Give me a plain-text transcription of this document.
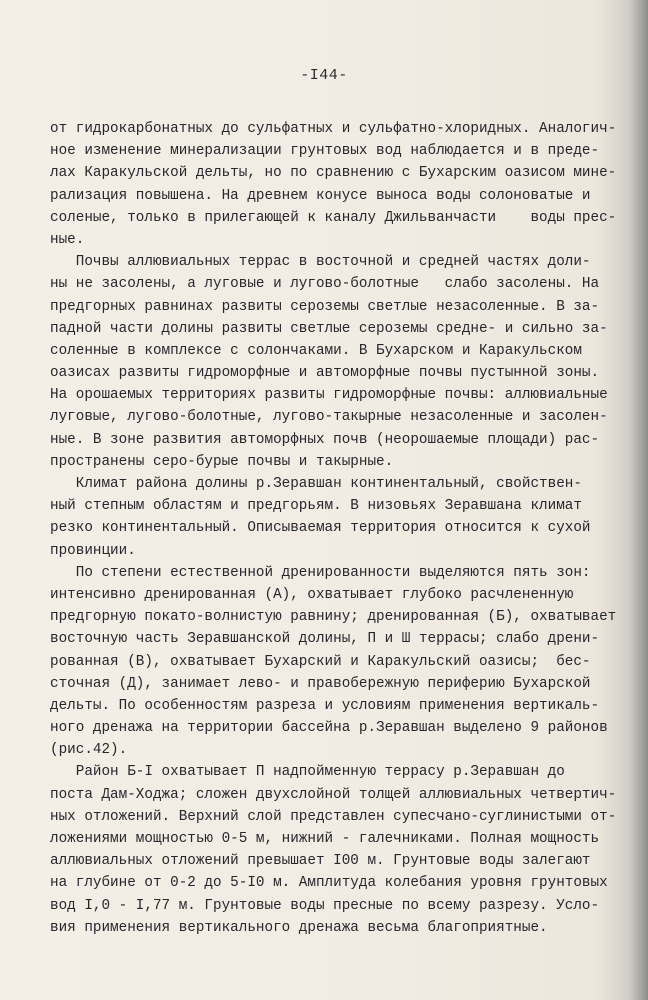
-I44-
от гидрокарбонатных до сульфатных и сульфатно-хлоридных. Аналогич-
ное изменение минерализации грунтовых вод наблюдается и в преде-
лах Каракульской дельты, но по сравнению с Бухарским оазисом мине-
рализация повышена. На древнем конусе выноса воды солоноватые и
соленые, только в прилегающей к каналу Джильванчасти    воды прес-
ные.
Почвы аллювиальных террас в восточной и средней частях доли-
ны не засолены, а луговые и лугово-болотные   слабо засолены. На
предгорных равнинах развиты сероземы светлые незасоленные. В за-
падной части долины развиты светлые сероземы средне- и сильно за-
соленные в комплексе с солончаками. В Бухарском и Каракульском
оазисах развиты гидроморфные и автоморфные почвы пустынной зоны.
На орошаемых территориях развиты гидроморфные почвы: аллювиальные
луговые, лугово-болотные, лугово-такырные незасоленные и засолен-
ные. В зоне развития автоморфных почв (неорошаемые площади) рас-
пространены серо-бурые почвы и такырные.
Климат района долины р.Зеравшан континентальный, свойствен-
ный степным областям и предгорьям. В низовьях Зеравшана климат
резко континентальный. Описываемая территория относится к сухой
провинции.
По степени естественной дренированности выделяются пять зон:
интенсивно дренированная (А), охватывает глубоко расчлененную
предгорную покато-волнистую равнину; дренированная (Б), охватывает
восточную часть Зеравшанской долины, П и Ш террасы; слабо дрени-
рованная (В), охватывает Бухарский и Каракульский оазисы;  бес-
сточная (Д), занимает лево- и правобережную периферию Бухарской
дельты. По особенностям разреза и условиям применения вертикаль-
ного дренажа на территории бассейна р.Зеравшан выделено 9 районов
(рис.42).
Район Б-I охватывает П надпойменную террасу р.Зеравшан до
поста Дам-Ходжа; сложен двухслойной толщей аллювиальных четвертич-
ных отложений. Верхний слой представлен супесчано-суглинистыми от-
ложениями мощностью 0-5 м, нижний - галечниками. Полная мощность
аллювиальных отложений превышает I00 м. Грунтовые воды залегают
на глубине от 0-2 до 5-I0 м. Амплитуда колебания уровня грунтовых
вод I,0 - I,77 м. Грунтовые воды пресные по всему разрезу. Усло-
вия применения вертикального дренажа весьма благоприятные.
